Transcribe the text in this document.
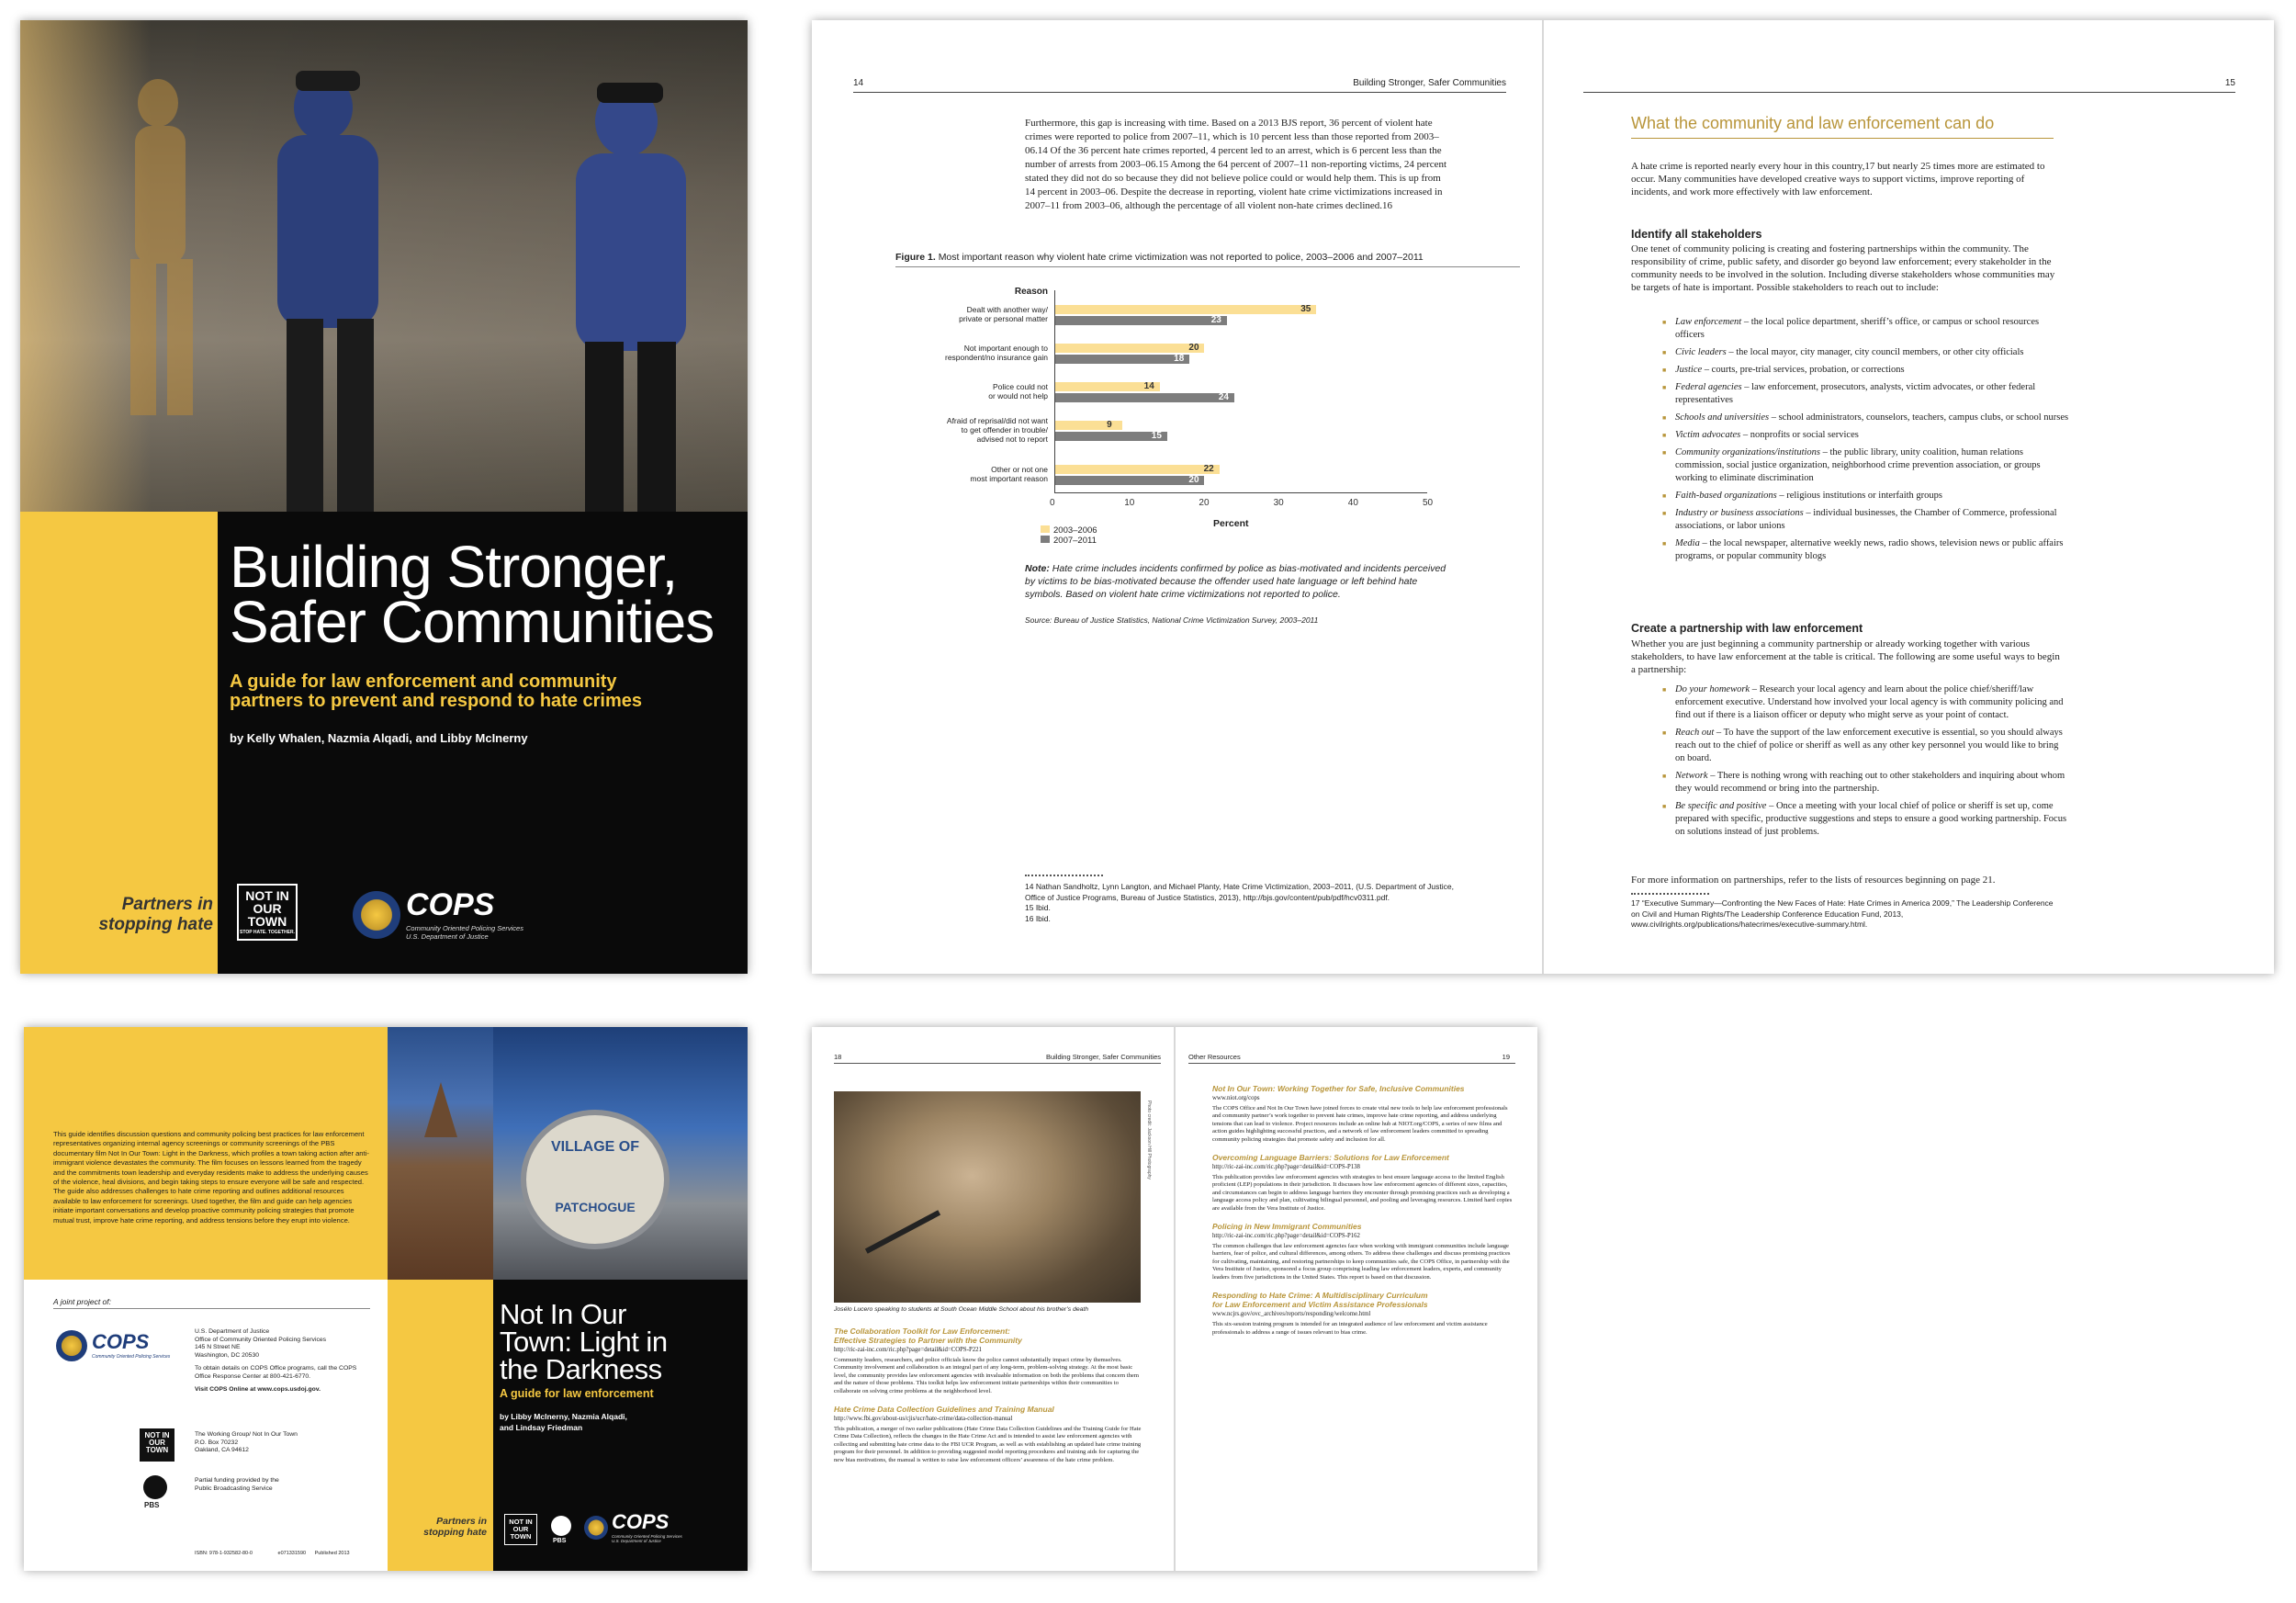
Building Stronger,
Safer Communities
A guide for law enforcement and community
partners to prevent and respond to hate crimes
by Kelly Whalen, Nazmia Alqadi, and Libby McInerny
Partners in
stopping hate
NOT IN OUR TOWN
STOP HATE. TOGETHER.
COPS
Community Oriented Policing Services
U.S. Department of Justice
14	Building Stronger, Safer Communities
Furthermore, this gap is increasing with time. Based on a 2013 BJS report, 36 percent of violent hate crimes were reported to police from 2007–11, which is 10 percent less than those reported from 2003–06.14 Of the 36 percent hate crimes reported, 4 percent led to an arrest, which is 6 percent less than the number of arrests from 2003–06.15 Among the 64 percent of 2007–11 non-reporting victims, 24 percent stated they did not do so because they did not believe police could or would help them. This is up from 14 percent in 2003–06. Despite the decrease in reporting, violent hate crime victimizations increased in 2007–11 from 2003–06, although the percentage of all violent non-hate crimes declined.16
Figure 1. Most important reason why violent hate crime victimization was not reported to police, 2003–2006 and 2007–2011
Reason
Dealt with another way/
private or personal matter
35
23
Not important enough to
respondent/no insurance gain
20
18
Police could not
or would not help
14
24
Afraid of reprisal/did not want
to get offender in trouble/
advised not to report
9
15
Other or not one
most important reason
22
20
0	10	20	30	40	50
Percent
2003–2006
2007–2011
Note: Hate crime includes incidents confirmed by police as bias-motivated and incidents perceived by victims to be bias-motivated because the offender used hate language or left behind hate symbols. Based on violent hate crime victimizations not reported to police.
Source: Bureau of Justice Statistics, National Crime Victimization Survey, 2003–2011
14 Nathan Sandholtz, Lynn Langton, and Michael Planty, Hate Crime Victimization, 2003–2011, (U.S. Department of Justice, Office of Justice Programs, Bureau of Justice Statistics, 2013), http://bjs.gov/content/pub/pdf/hcv0311.pdf.
15 Ibid.
16 Ibid.
15
What the community and law enforcement can do
A hate crime is reported nearly every hour in this country,17 but nearly 25 times more are estimated to occur. Many communities have developed creative ways to support victims, improve reporting of incidents, and work more effectively with law enforcement.
Identify all stakeholders
One tenet of community policing is creating and fostering partnerships within the community. The responsibility of crime, public safety, and disorder go beyond law enforcement; every stakeholder in the community needs to be involved in the solution. Including diverse stakeholders whose communities may be targets of hate is important. Possible stakeholders to reach out to include:
■ Law enforcement – the local police department, sheriff’s office, or campus or school resources officers
■ Civic leaders – the local mayor, city manager, city council members, or other city officials
■ Justice – courts, pre-trial services, probation, or corrections
■ Federal agencies – law enforcement, prosecutors, analysts, victim advocates, or other federal representatives
■ Schools and universities – school administrators, counselors, teachers, campus clubs, or school nurses
■ Victim advocates – nonprofits or social services
■ Community organizations/institutions – the public library, unity coalition, human relations commission, social justice organization, neighborhood crime prevention association, or groups working to eliminate discrimination
■ Faith-based organizations – religious institutions or interfaith groups
■ Industry or business associations – individual businesses, the Chamber of Commerce, professional associations, or labor unions
■ Media – the local newspaper, alternative weekly news, radio shows, television news or public affairs programs, or popular community blogs
Create a partnership with law enforcement
Whether you are just beginning a community partnership or already working together with various stakeholders, to have law enforcement at the table is critical. The following are some useful ways to begin a partnership:
■ Do your homework – Research your local agency and learn about the police chief/sheriff/law enforcement executive. Understand how involved your local agency is with community policing and find out if there is a liaison officer or deputy who might serve as your point of contact.
■ Reach out – To have the support of the law enforcement executive is essential, so you should always reach out to the chief of police or sheriff as well as any other key personnel you would like to bring on board.
■ Network – There is nothing wrong with reaching out to other stakeholders and inquiring about whom they would recommend or bring into the partnership.
■ Be specific and positive – Once a meeting with your local chief of police or sheriff is set up, come prepared with specific, productive suggestions and steps to ensure a good working partnership. Focus on solutions instead of just problems.
For more information on partnerships, refer to the lists of resources beginning on page 21.
17 “Executive Summary—Confronting the New Faces of Hate: Hate Crimes in America 2009,” The Leadership Conference on Civil and Human Rights/The Leadership Conference Education Fund, 2013, www.civilrights.org/publications/hatecrimes/executive-summary.html.
This guide identifies discussion questions and community policing best practices for law enforcement representatives organizing internal agency screenings or community screenings of the PBS documentary film Not In Our Town: Light in the Darkness, which profiles a town taking action after anti-immigrant violence devastates the community. The film focuses on lessons learned from the tragedy and the commitments town leadership and everyday residents make to address the underlying causes of the violence, heal divisions, and begin taking steps to ensure everyone will be safe and respected. The guide also addresses challenges to hate crime reporting and outlines additional resources available to law enforcement for screenings. Used together, the film and guide can help agencies initiate important conversations and develop proactive community policing strategies that promote mutual trust, improve hate crime reporting, and address tensions before they erupt into violence.
A joint project of:
COPS
Community Oriented Policing Services
U.S. Department of Justice
Office of Community Oriented Policing Services
145 N Street NE
Washington, DC 20530
To obtain details on COPS Office programs, call the COPS Office Response Center at 800-421-6770.
Visit COPS Online at www.cops.usdoj.gov.
NOT IN OUR TOWN
The Working Group/ Not In Our Town
P.O. Box 70232
Oakland, CA 94612
PBS
Partial funding provided by the
Public Broadcasting Service
ISBN: 978-1-932582-80-0	e071331590 Published 2013
VILLAGE OF
PATCHOGUE
Not In Our
Town: Light in
the Darkness
A guide for law enforcement
by Libby McInerny, Nazmia Alqadi,
and Lindsay Friedman
Partners in
stopping hate
NOT IN OUR TOWN
PBS
COPS
Community Oriented Policing Services
U.S. Department of Justice
18	Building Stronger, Safer Communities
Photo credit: Jackson Hill Photography
Josélo Lucero speaking to students at South Ocean Middle School about his brother’s death
The Collaboration Toolkit for Law Enforcement:
Effective Strategies to Partner with the Community
http://ric-zai-inc.com/ric.php?page=detail&id=COPS-P221
Community leaders, researchers, and police officials know the police cannot substantially impact crime by themselves. Community involvement and collaboration is an integral part of any long-term, problem-solving strategy. At the most basic level, the community provides law enforcement agencies with invaluable information on both the problems that concern them and the nature of those problems. This toolkit helps law enforcement initiate partnerships within their communities to collaborate on solving crime problems at the neighborhood level.
Hate Crime Data Collection Guidelines and Training Manual
http://www.fbi.gov/about-us/cjis/ucr/hate-crime/data-collection-manual
This publication, a merger of two earlier publications (Hate Crime Data Collection Guidelines and the Training Guide for Hate Crime Data Collection), reflects the changes in the Hate Crime Act and is intended to assist law enforcement agencies with collecting and submitting hate crime data to the FBI UCR Program, as well as with establishing an updated hate crime training program for their personnel. In addition to providing suggested model reporting procedures and training aids for capturing the new bias motivations, the manual is written to raise law enforcement officers’ awareness of the hate crime problem.
Other Resources	19
Not In Our Town: Working Together for Safe, Inclusive Communities
www.niot.org/cops
The COPS Office and Not In Our Town have joined forces to create vital new tools to help law enforcement professionals and community partner’s work together to prevent hate crimes, improve hate crime reporting, and address underlying tensions that can lead to violence. Project resources include an online hub at NIOT.org/COPS, a series of new films and action guides highlighting successful practices, and a network of law enforcement leaders committed to spreading community policing strategies that promote safety and inclusion for all.
Overcoming Language Barriers: Solutions for Law Enforcement
http://ric-zai-inc.com/ric.php?page=detail&id=COPS-P138
This publication provides law enforcement agencies with strategies to best ensure language access to the limited English proficient (LEP) populations in their jurisdiction. It discusses how law enforcement agencies of different sizes, capacities, and circumstances can begin to address language barriers they encounter through promising practices such as developing a language access policy and plan, cultivating bilingual personnel, and pooling and leveraging resources. Limited hard copies are available from the Vera Institute of Justice.
Policing in New Immigrant Communities
http://ric-zai-inc.com/ric.php?page=detail&id=COPS-P162
The common challenges that law enforcement agencies face when working with immigrant communities include language barriers, fear of police, and cultural differences, among others. To address these challenges and discuss promising practices for cultivating, maintaining, and restoring partnerships to keep communities safe, the COPS Office, in partnership with the Vera Institute of Justice, sponsored a focus group comprising leading law enforcement leaders, experts, and community leaders from five jurisdictions in the United States. This report is based on that discussion.
Responding to Hate Crime: A Multidisciplinary Curriculum
for Law Enforcement and Victim Assistance Professionals
www.ncjrs.gov/ovc_archives/reports/responding/welcome.html
This six-session training program is intended for an integrated audience of law enforcement and victim assistance professionals to address a range of issues relevant to bias crime.
